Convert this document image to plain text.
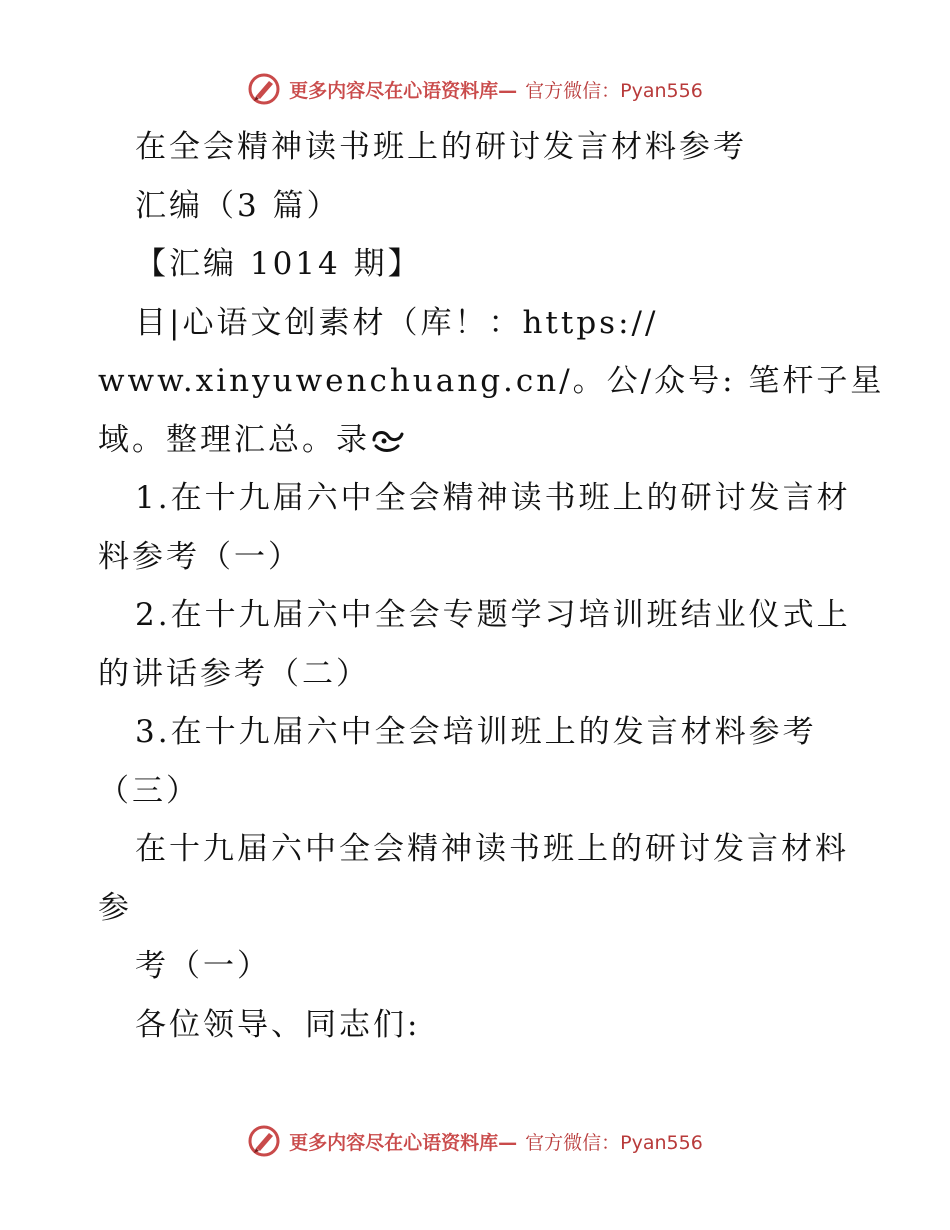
更多内容尽在心语资料库— 官方微信：Pyan556
在全会精神读书班上的研讨发言材料参考
汇编（3 篇）
【汇编 1014 期】
目|心语文创素材（库！：https://
www.xinyuwenchuang.cn/。公/众号: 笔杆子星
域。整理汇总。录
1.在十九届六中全会精神读书班上的研讨发言材
料参考（一）
2.在十九届六中全会专题学习培训班结业仪式上
的讲话参考（二）
3.在十九届六中全会培训班上的发言材料参考
（三）
在十九届六中全会精神读书班上的研讨发言材料
参
考（一）
各位领导、同志们:
更多内容尽在心语资料库— 官方微信：Pyan556
